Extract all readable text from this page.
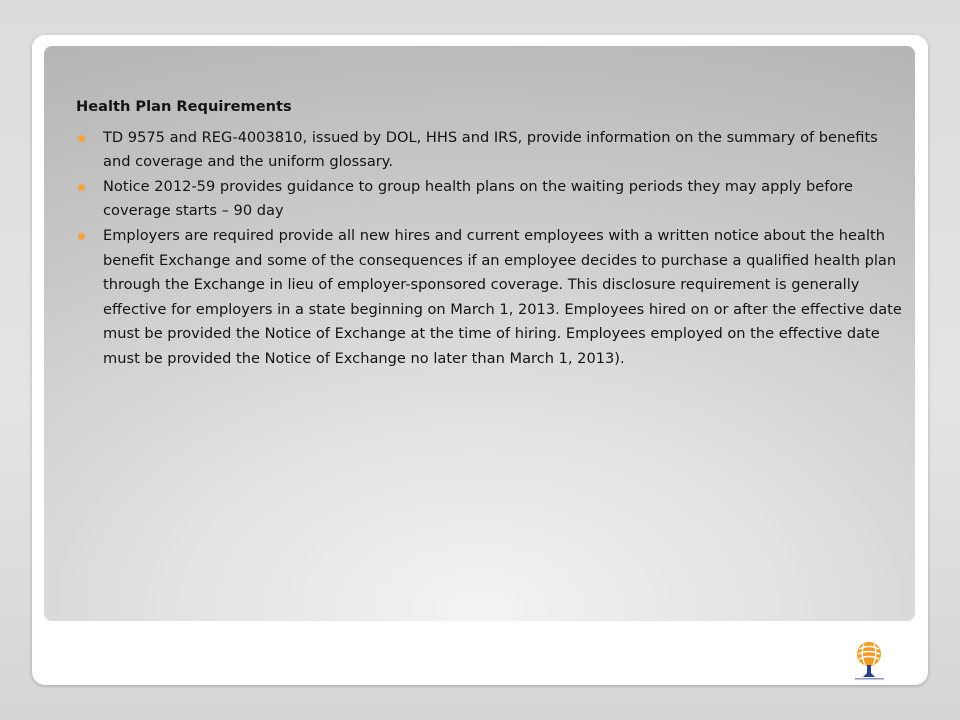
Health Plan Requirements
TD 9575 and REG-4003810, issued by DOL, HHS and IRS, provide information on the summary of benefits and coverage and the uniform glossary.
Notice 2012-59 provides guidance to group health plans on the waiting periods they may apply before coverage starts – 90 day
Employers are required provide all new hires and current employees with a written notice about the health benefit Exchange and some of the consequences if an employee decides to purchase a qualified health plan through the Exchange in lieu of employer-sponsored coverage. This disclosure requirement is generally effective for employers in a state beginning on March 1, 2013. Employees hired on or after the effective date must be provided the Notice of Exchange at the time of hiring. Employees employed on the effective date must be provided the Notice of Exchange no later than March 1, 2013).
